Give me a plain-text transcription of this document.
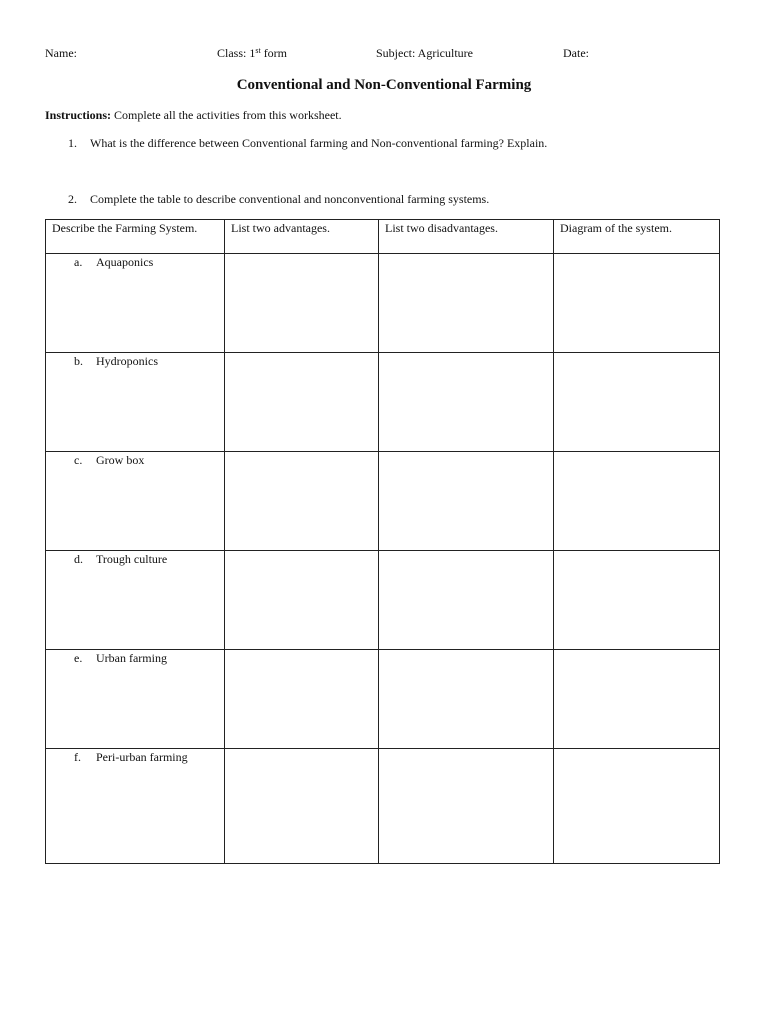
Name:	Class: 1st form	Subject: Agriculture	Date:
Conventional and Non-Conventional Farming
Instructions: Complete all the activities from this worksheet.
1. What is the difference between Conventional farming and Non-conventional farming? Explain.
2. Complete the table to describe conventional and nonconventional farming systems.
Describe the Farming System.	List two advantages.	List two disadvantages.	Diagram of the system.

a. Aquaponics			

b. Hydroponics			

c. Grow box			

d. Trough culture			

e. Urban farming			

f. Peri-urban farming			
